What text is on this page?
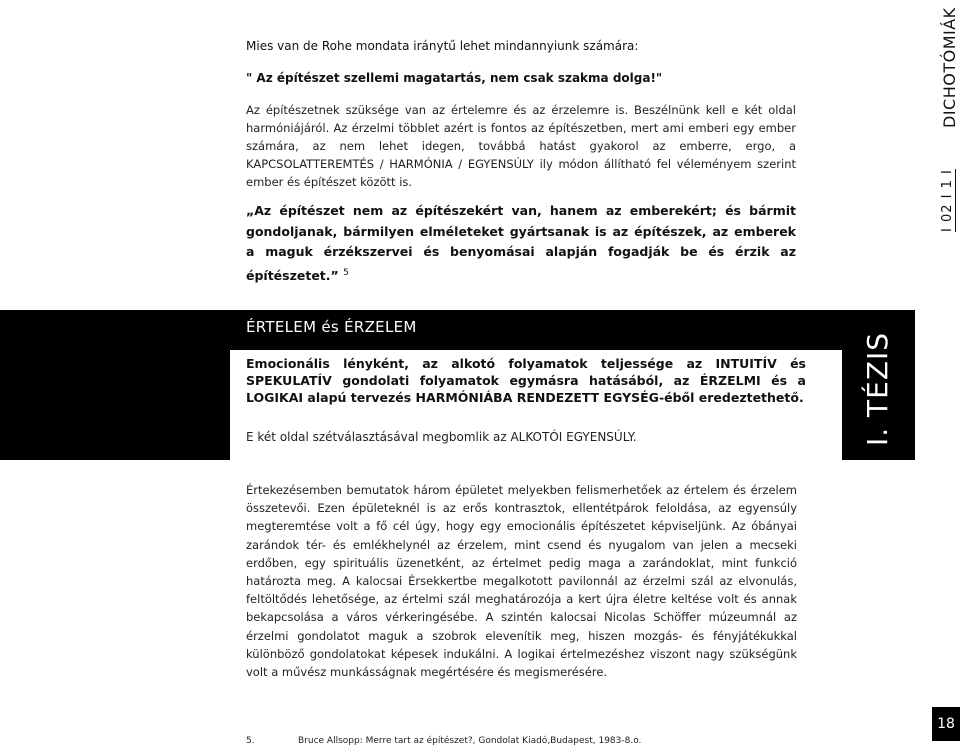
Mies van de Rohe mondata iránytű lehet mindannyiunk számára:

" Az építészet szellemi magatartás, nem csak szakma dolga!"

Az építészetnek szüksége van az értelemre és az érzelemre is. Beszélnünk kell e két oldal harmóniájáról. Az érzelmi többlet azért is fontos az építészetben, mert ami emberi egy ember számára, az nem lehet idegen, továbbá hatást gyakorol az emberre, ergo, a KAPCSOLATTEREMTÉS / HARMÓNIA / EGYENSÚLY ily módon állítható fel véleményem szerint ember és építészet között is.

„Az építészet nem az építészekért van, hanem az emberekért; és bármit gondoljanak, bármilyen elméleteket gyártsanak is az építészek, az emberek a maguk érzékszervei és benyomásai alapján fogadják be és érzik az építészetet.” $^5$

DICHOTÓMIÁK
I 02 I 1 I
ÉRTELEM és ÉRZELEM

Emocionális lényként, az alkotó folyamatok teljessége az INTUITÍV és SPEKULATÍV gondolati folyamatok egymásra hatásából, az ÉRZELMI és a LOGIKAI alapú tervezés HARMÓNIÁBA RENDEZETT EGYSÉG-éből eredeztethető.

E két oldal szétválasztásával megbomlik az ALKOTÓI EGYENSÚLY.	I. TÉZIS

Értekezésemben bemutatok három épületet melyekben felismerhetőek az értelem és érzelem összetevői. Ezen épületeknél is az erős kontrasztok, ellentétpárok feloldása, az egyensúly megteremtése volt a fő cél úgy, hogy egy emocionális építészetet képviseljünk. Az óbányai zarándok tér- és emlékhelynél az érzelem, mint csend és nyugalom van jelen a mecseki erdőben, egy spirituális üzenetként, az értelmet pedig maga a zarándoklat, mint funkció határozta meg. A kalocsai Érsekkertbe megalkotott pavilonnál az érzelmi szál az elvonulás, feltöltődés lehetősége, az értelmi szál meghatározója a kert újra életre keltése volt és annak bekapcsolása a város vérkeringésébe. A szintén kalocsai Nicolas Schöffer múzeumnál az érzelmi gondolatot maguk a szobrok elevenítik meg, hiszen mozgás- és fényjátékukkal különböző gondolatokat képesek indukálni. A logikai értelmezéshez viszont nagy szükségünk volt a művész munkásságnak megértésére és megismerésére.

5.	Bruce Allsopp: Merre tart az építészet?, Gondolat Kiadó,Budapest, 1983-8.o.
18
